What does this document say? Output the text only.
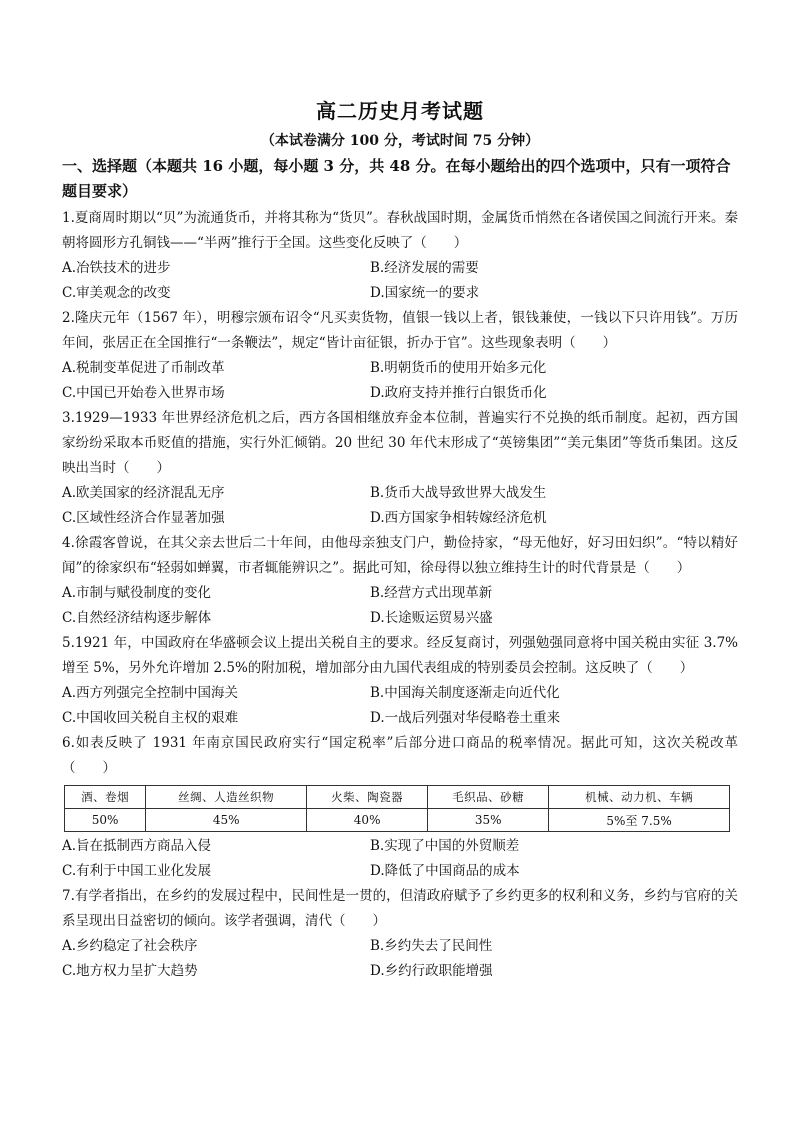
高二历史月考试题
（本试卷满分 100 分，考试时间 75 分钟）
一、选择题（本题共 16 小题，每小题 3 分，共 48 分。在每小题给出的四个选项中，只有一项符合题目要求）
1.夏商周时期以“贝”为流通货币，并将其称为“货贝”。春秋战国时期，金属货币悄然在各诸侯国之间流行开来。秦朝将圆形方孔铜钱——“半两”推行于全国。这些变化反映了（　　）
A.冶铁技术的进步	B.经济发展的需要
C.审美观念的改变	D.国家统一的要求
2.隆庆元年（1567 年），明穆宗颁布诏令“凡买卖货物，值银一钱以上者，银钱兼使，一钱以下只许用钱”。万历年间，张居正在全国推行“一条鞭法”，规定“皆计亩征银，折办于官”。这些现象表明（　　）
A.税制变革促进了币制改革	B.明朝货币的使用开始多元化
C.中国已开始卷入世界市场	D.政府支持并推行白银货币化
3.1929—1933 年世界经济危机之后，西方各国相继放弃金本位制，普遍实行不兑换的纸币制度。起初，西方国家纷纷采取本币贬值的措施，实行外汇倾销。20 世纪 30 年代末形成了“英镑集团”“美元集团”等货币集团。这反映出当时（　　）
A.欧美国家的经济混乱无序	B.货币大战导致世界大战发生
C.区域性经济合作显著加强	D.西方国家争相转嫁经济危机
4.徐霞客曾说，在其父亲去世后二十年间，由他母亲独支门户，勤俭持家，“母无他好，好习田妇织”。“特以精好闻”的徐家织布“轻弱如蝉翼，市者辄能辨识之”。据此可知，徐母得以独立维持生计的时代背景是（　　）
A.市制与赋役制度的变化	B.经营方式出现革新
C.自然经济结构逐步解体	D.长途贩运贸易兴盛
5.1921 年，中国政府在华盛顿会议上提出关税自主的要求。经反复商讨，列强勉强同意将中国关税由实征 3.7%增至 5%，另外允许增加 2.5%的附加税，增加部分由九国代表组成的特别委员会控制。这反映了（　　）
A.西方列强完全控制中国海关	B.中国海关制度逐渐走向近代化
C.中国收回关税自主权的艰难	D.一战后列强对华侵略卷土重来
6.如表反映了 1931 年南京国民政府实行“国定税率”后部分进口商品的税率情况。据此可知，这次关税改革（　　）
酒、卷烟	丝绸、人造丝织物	火柴、陶瓷器	毛织品、砂糖	机械、动力机、车辆
50%	45%	40%	35%	5%至 7.5%
A.旨在抵制西方商品入侵	B.实现了中国的外贸顺差
C.有利于中国工业化发展	D.降低了中国商品的成本
7.有学者指出，在乡约的发展过程中，民间性是一贯的，但清政府赋予了乡约更多的权利和义务，乡约与官府的关系呈现出日益密切的倾向。该学者强调，清代（　　）
A.乡约稳定了社会秩序	B.乡约失去了民间性
C.地方权力呈扩大趋势	D.乡约行政职能增强
